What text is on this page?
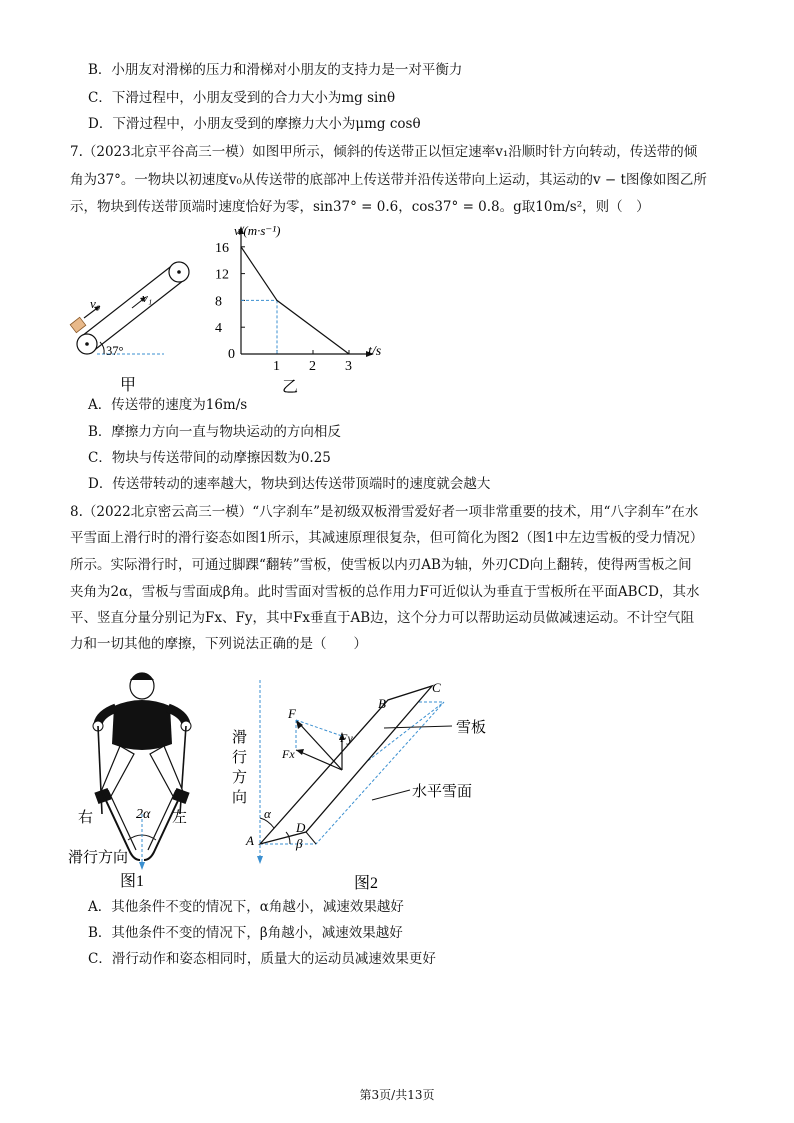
B．小朋友对滑梯的压力和滑梯对小朋友的支持力是一对平衡力
C．下滑过程中，小朋友受到的合力大小为mg sinθ
D．下滑过程中，小朋友受到的摩擦力大小为μmg cosθ
7.（2023北京平谷高三一模）如图甲所示，倾斜的传送带正以恒定速率v₁沿顺时针方向转动，传送带的倾
角为37°。一物块以初速度v₀从传送带的底部冲上传送带并沿传送带向上运动，其运动的v − t图像如图乙所
示，物块到传送带顶端时速度恰好为零，sin37° = 0.6，cos37° = 0.8。g取10m/s²，则（　）
v₀	v₁
37°
甲
4
8
12
16
1 2 3
v/(m·s⁻¹)
t/s
0
乙
A．传送带的速度为16m/s
B．摩擦力方向一直与物块运动的方向相反
C．物块与传送带间的动摩擦因数为0.25
D．传送带转动的速率越大，物块到达传送带顶端时的速度就会越大
8.（2022北京密云高三一模）“八字刹车”是初级双板滑雪爱好者一项非常重要的技术，用“八字刹车”在水
平雪面上滑行时的滑行姿态如图1所示，其减速原理很复杂，但可简化为图2（图1中左边雪板的受力情况）
所示。实际滑行时，可通过脚踝“翻转”雪板，使雪板以内刃AB为轴，外刃CD向上翻转，使得两雪板之间
夹角为2α，雪板与雪面成β角。此时雪面对雪板的总作用力F可近似认为垂直于雪板所在平面ABCD，其水
平、竖直分量分别记为Fx、Fy，其中Fx垂直于AB边，这个分力可以帮助运动员做减速运动。不计空气阻
力和一切其他的摩擦，下列说法正确的是（　　）
右	左
2α
滑行方向
图1
滑
行
方
向
雪板
水平雪面
A
B
C
D
F
Fx
Fy
α
β
图2
A．其他条件不变的情况下，α角越小，减速效果越好
B．其他条件不变的情况下，β角越小，减速效果越好
C．滑行动作和姿态相同时，质量大的运动员减速效果更好
第3页/共13页
